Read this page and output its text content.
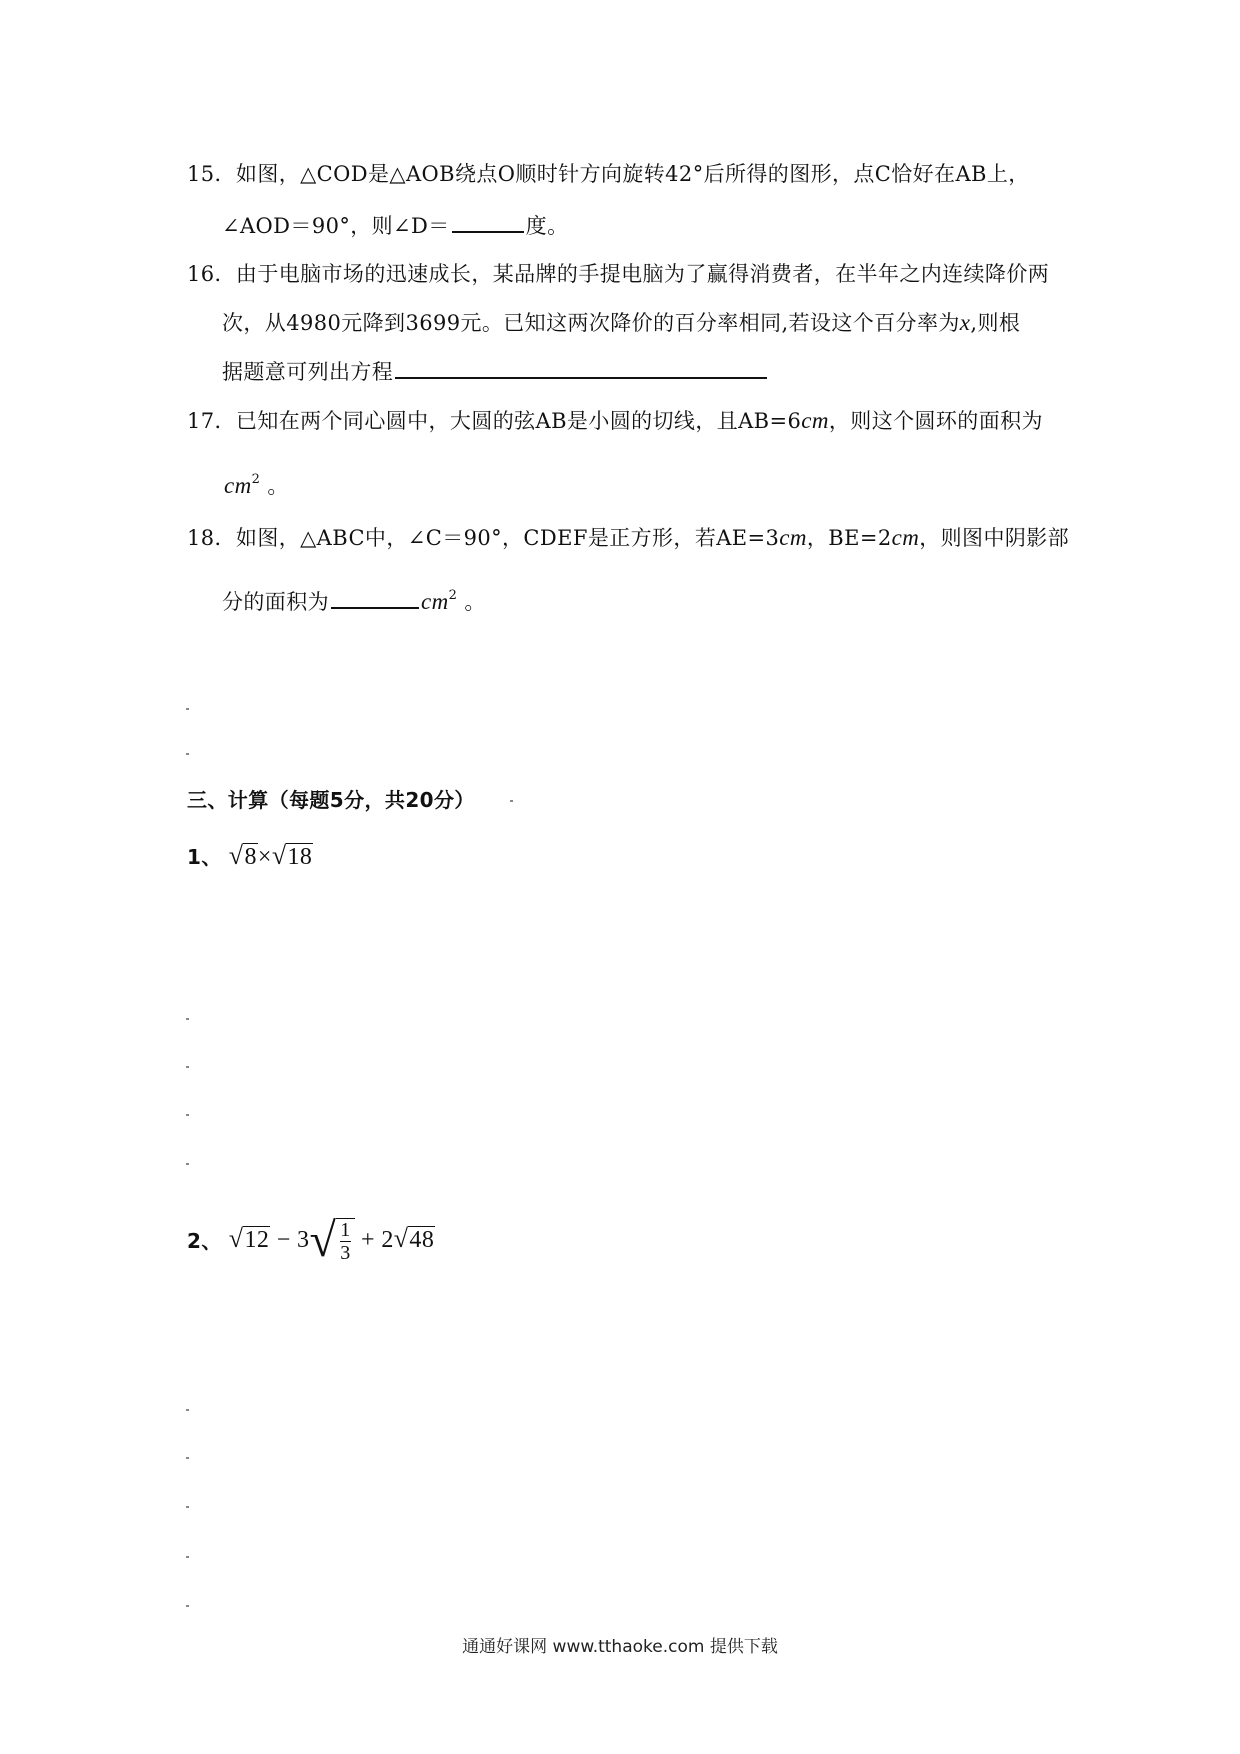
15．如图，△COD是△AOB绕点O顺时针方向旋转42°后所得的图形，点C恰好在AB上，
∠AOD＝90°，则∠D＝	度。
16．由于电脑市场的迅速成长，某品牌的手提电脑为了赢得消费者，在半年之内连续降价两
次，从4980元降到3699元。已知这两次降价的百分率相同,若设这个百分率为x,则根
据题意可列出方程
17．已知在两个同心圆中，大圆的弦AB是小圆的切线，且AB=6cm，则这个圆环的面积为
$cm^2$ 。
18．如图，△ABC中，∠C＝90°，CDEF是正方形，若AE=3cm，BE=2cm，则图中阴影部
分的面积为	$cm^2$ 。
三、计算（每题5分，共20分）
1、 √8×√18
2、 $√12 - 3√ \frac{1}{3} + 2√48$
通通好课网 www.tthaoke.com 提供下载
